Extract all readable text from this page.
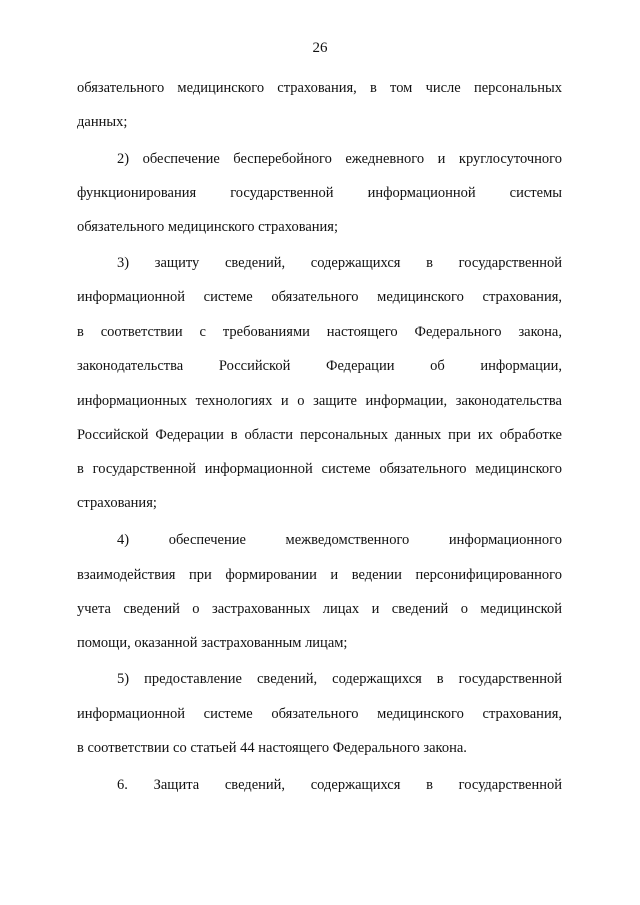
26
обязательного медицинского страхования, в том числе персональных
данных;
2) обеспечение бесперебойного ежедневного и круглосуточного
функционирования государственной информационной системы
обязательного медицинского страхования;
3) защиту сведений, содержащихся в государственной
информационной системе обязательного медицинского страхования,
в соответствии с требованиями настоящего Федерального закона,
законодательства Российской Федерации об информации,
информационных технологиях и о защите информации, законодательства
Российской Федерации в области персональных данных при их обработке
в государственной информационной системе обязательного медицинского
страхования;
4) обеспечение межведомственного информационного
взаимодействия при формировании и ведении персонифицированного
учета сведений о застрахованных лицах и сведений о медицинской
помощи, оказанной застрахованным лицам;
5) предоставление сведений, содержащихся в государственной
информационной системе обязательного медицинского страхования,
в соответствии со статьей 44 настоящего Федерального закона.
6. Защита сведений, содержащихся в государственной
